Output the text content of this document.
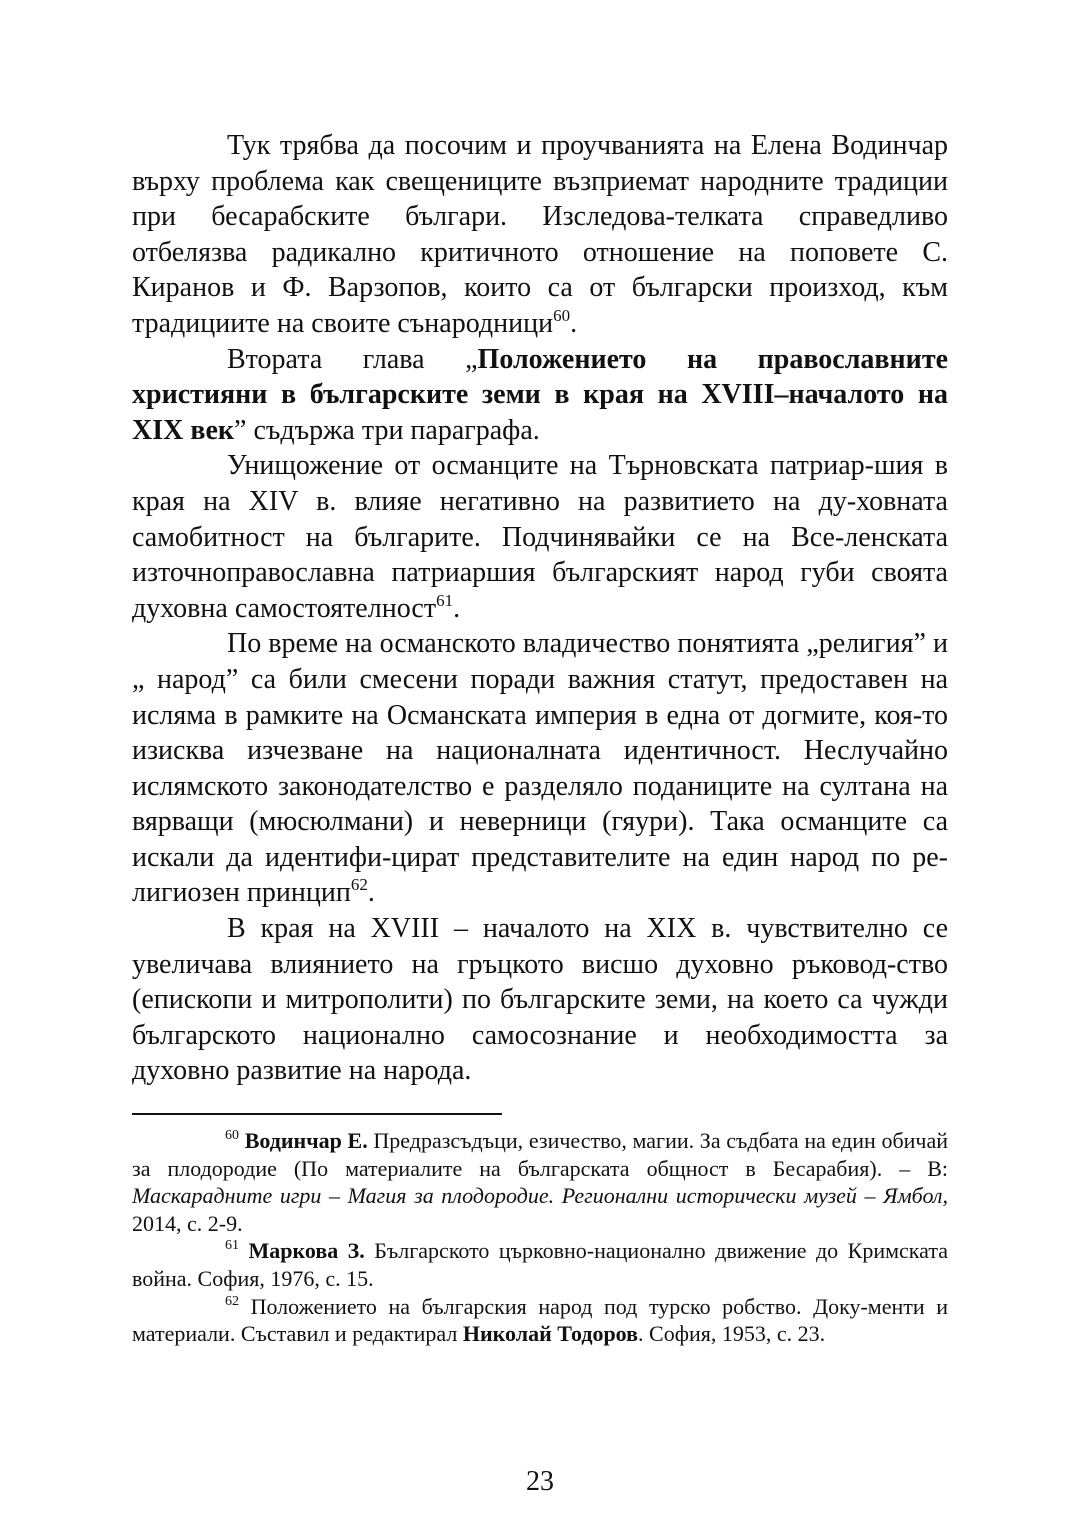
Тук трябва да посочим и проучванията на Елена Водинчар върху проблема как свещениците възприемат народните традиции при бесарабските българи. Изследова-телката справедливо отбелязва радикално критичното отношение на поповете С. Киранов и Ф. Варзопов, които са от български произход, към традициите на своите сънародници$^{60}$.

Втората глава „Положението на православните християни в българските земи в края на XVIII–началото на XIX век” съдържа три параграфа.

Унищожение от османците на Търновската патриар-шия в края на XIV в. влияе негативно на развитието на ду-ховната самобитност на българите. Подчинявайки се на Все-ленската източноправославна патриаршия българският народ губи своята духовна самостоятелност$^{61}$.

По време на османското владичество понятията „религия” и „ народ” са били смесени поради важния статут, предоставен на исляма в рамките на Османската империя в една от догмите, коя-то изисква изчезване на националната идентичност. Неслучайно ислямското законодателство е разделяло поданиците на султана на вярващи (мюсюлмани) и неверници (гяури). Така османците са искали да идентифи-цират представителите на един народ по ре-лигиозен принцип$^{62}$.

В края на XVIII – началото на XIX в. чувствително се увеличава влиянието на гръцкото висшо духовно ръковод-ство (епископи и митрополити) по българските земи, на което са чужди българското национално самосознание и необходимостта за духовно развитие на народа.

$^{60}$ Водинчар Е. Предразсъдъци, езичество, магии. За съдбата на един обичай за плодородие (По материалите на българската общност в Бесарабия). – В: Маскарадните игри – Магия за плодородие. Регионални исторически музей – Ямбол, 2014, с. 2-9.

$^{61}$ Маркова З. Българското църковно-национално движение до Кримската война. София, 1976, с. 15.

$^{62}$ Положението на българския народ под турско робство. Доку-менти и материали. Съставил и редактирал Николай Тодоров. София, 1953, с. 23.

23
